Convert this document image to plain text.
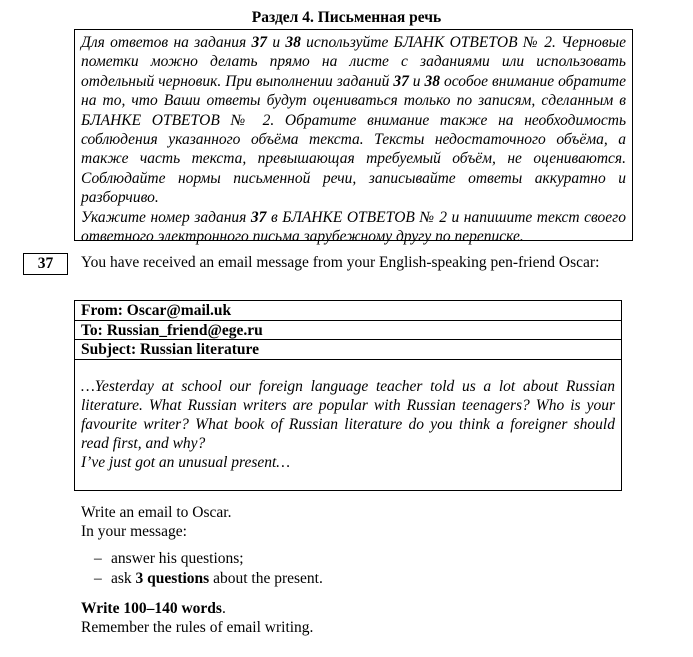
Раздел 4. Письменная речь

Для ответов на задания 37 и 38 используйте БЛАНК ОТВЕТОВ № 2. Черновые пометки можно делать прямо на листе с заданиями или использовать отдельный черновик. При выполнении заданий 37 и 38 особое внимание обратите на то, что Ваши ответы будут оцениваться только по записям, сделанным в БЛАНКЕ ОТВЕТОВ № 2. Обратите внимание также на необходимость соблюдения указанного объёма текста. Тексты недостаточного объёма, а также часть текста, превышающая требуемый объём, не оцениваются. Соблюдайте нормы письменной речи, записывайте ответы аккуратно и разборчиво.

Укажите номер задания 37 в БЛАНКЕ ОТВЕТОВ № 2 и напишите текст своего ответного электронного письма зарубежному другу по переписке.

37	You have received an email message from your English-speaking pen-friend Oscar:
From: Oscar@mail.uk
To: Russian_friend@ege.ru
Subject: Russian literature

…Yesterday at school our foreign language teacher told us a lot about Russian literature. What Russian writers are popular with Russian teenagers? Who is your favourite writer? What book of Russian literature do you think a foreigner should read first, and why?

I’ve just got an unusual present…

Write an email to Oscar.

In your message:

– answer his questions;
– ask 3 questions about the present.

Write 100–140 words.

Remember the rules of email writing.
